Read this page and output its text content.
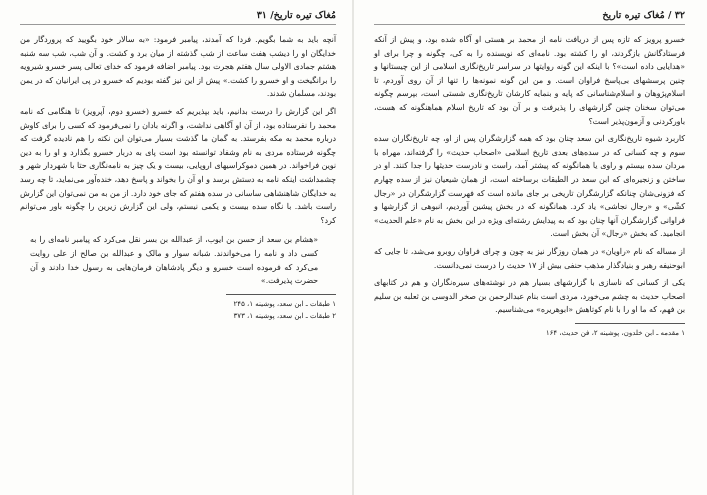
مُغاک تیره تاریخ/ ۳۱

آنچه باید به شما بگویم. فردا که آمدند، پیامبر فرمود: «به سالار خود بگویید که پروردگار من خدایگان او را دیشب هفت ساعت از شب گذشته از میان برد و کشت. و آن شب، شب سه شنبه هشتم جمادی الاولی سال هفتم هجرت بود. پیامبر اضافه فرمود که خدای تعالی پسر خسرو شیرویه را برانگیخت و او خسرو را کشت.» پیش از این نیز گفته بودیم که خسرو در پی ایرانیان که در یمن بودند، مسلمان شدند.

اگر این گزارش را درست بدانیم، باید بپذیریم که خسرو (خسرو دوم، آپرویز) تا هنگامی که نامه محمد را نفرستاده بود، از آن او آگاهی نداشت، و اگرنه بادان را نمی‌فرمود که کسی را برای کاوش درباره محمد به مکه بفرستد. به گمان ما گذشت بسیار می‌توان این نکته را هم نادیده گرفت که چگونه فرستاده مردی به نام وشفاد توانسته بود است پای به دربار خسرو بگذارد و او را به دین نوین فراخواند. در همین دموکراسیهای اروپایی، بیست و یک چیز به نامه‌نگاری حتا با شهردار شهر و چشمداشت اینکه نامه به دستش برسد و او آن را بخواند و پاسخ دهد، خنده‌آور می‌نماید، تا چه رسد به خدایگان شاهنشاهی ساسانی در سده هفتم که جای خود دارد. از من به من نمی‌توان این گزارش راست باشد. با نگاه سده بیست و یکمی نیستم، ولی این گزارش زیرین را چگونه باور می‌توانم کرد؟

«هشام بن سعد از حسن بن ایوب، از عبدالله بن بسر نقل می‌کرد که پیامبر نامه‌ای را به کسی داد و نامه را می‌خواندند. شبانه سوار و مالک و عبدالله بن صالح از علی روایت می‌کرد که فرموده است خسرو و دیگر پادشاهان فرمان‌هایی به رسول خدا دادند و آن حضرت پذیرفت.»
۱ طبقات ـ ابن سعد، پوشینه ۱، ۲۴۵
۲ طبقات ـ ابن سعد، پوشینه ۱، ۳۷۳
۳۲ / مُغاک تیره تاریخ

خسرو پرویز که تازه پس از دریافت نامه از محمد بر هستی او آگاه شده بود، و پیش از آنکه فرستادگانش بازگردند، او را کشته بود. نامه‌ای که نویسنده را به کی، چگونه و چرا برای او «هدایایی داده است»؟ با اینکه این گونه روایتها در سراسر تاریخ‌نگاری اسلامی از این چیستانها و چنین پرسشهای بی‌پاسخ فراوان است. و من این گونه نمونه‌ها را تنها از آن روی آوردم، تا اسلام‌پژوهان و اسلام‌شناسانی که پایه و بنمایه کارشان تاریخ‌نگاری شستی است، بپرسم چگونه می‌توان سخنان چنین گزارشهای را پذیرفت و بر آن بود که تاریخ اسلام هماهنگونه که هست، باورکردنی و آزمون‌پذیر است؟

کاربرد شیوه تاریخ‌نگاری ابن سعد چنان بود که همه گزارشگران پس از او، چه تاریخ‌نگاران سده سوم و چه کسانی که در سده‌های بعدی تاریخ اسلامی «اصحاب حدیث» را گرفته‌اند، مهراه با مردان سده بیستم و راوی یا همانگونه که پیشتر آمد، راست و نادرست حدیثها را جدا کنند. او در ساختن و زنجیره‌ای که ابن سعد در الطبقات برساخته است، از همان شیعیان نیز از سده چهارم که فزونی‌شان چنانکه گزارشگران تاریخی بر جای مانده است که فهرست گزارشگران در «رجال کشّی» و «رجال نجاشی» یاد کرد. همانگونه که در بخش پیشین آوردیم، انبوهی از گزارشها و فراوانی گزارشگران آنها چنان بود که به پیدایش رشته‌ای ویژه در این بخش به نام «علم الحدیث» انجامید. که بخش «رجال» آن بخش است.

از مساله که نام «راویان» در همان روزگار نیز به چون و چرای فراوان روبرو می‌شد، تا جایی که ابوحنیفه رهبر و بنیادگذار مذهب حنفی بیش از ۱۷ حدیث را درست نمی‌دانست.

یکی از کسانی که ناسازی با گزارشهای بسیار هم در نوشته‌های سیره‌نگاران و هم در کتابهای اصحاب حدیث به چشم می‌خورد، مردی است بنام عبدالرحمن بن صخر الدوسی بن ثعلبه بن سلیم بن فهم، که ما او را با نام کوتاهش «ابوهریره» می‌شناسیم.

۱ مقدمه ـ ابن خلدون، پوشینه ۲، فن حدیث، ۱۶۴
